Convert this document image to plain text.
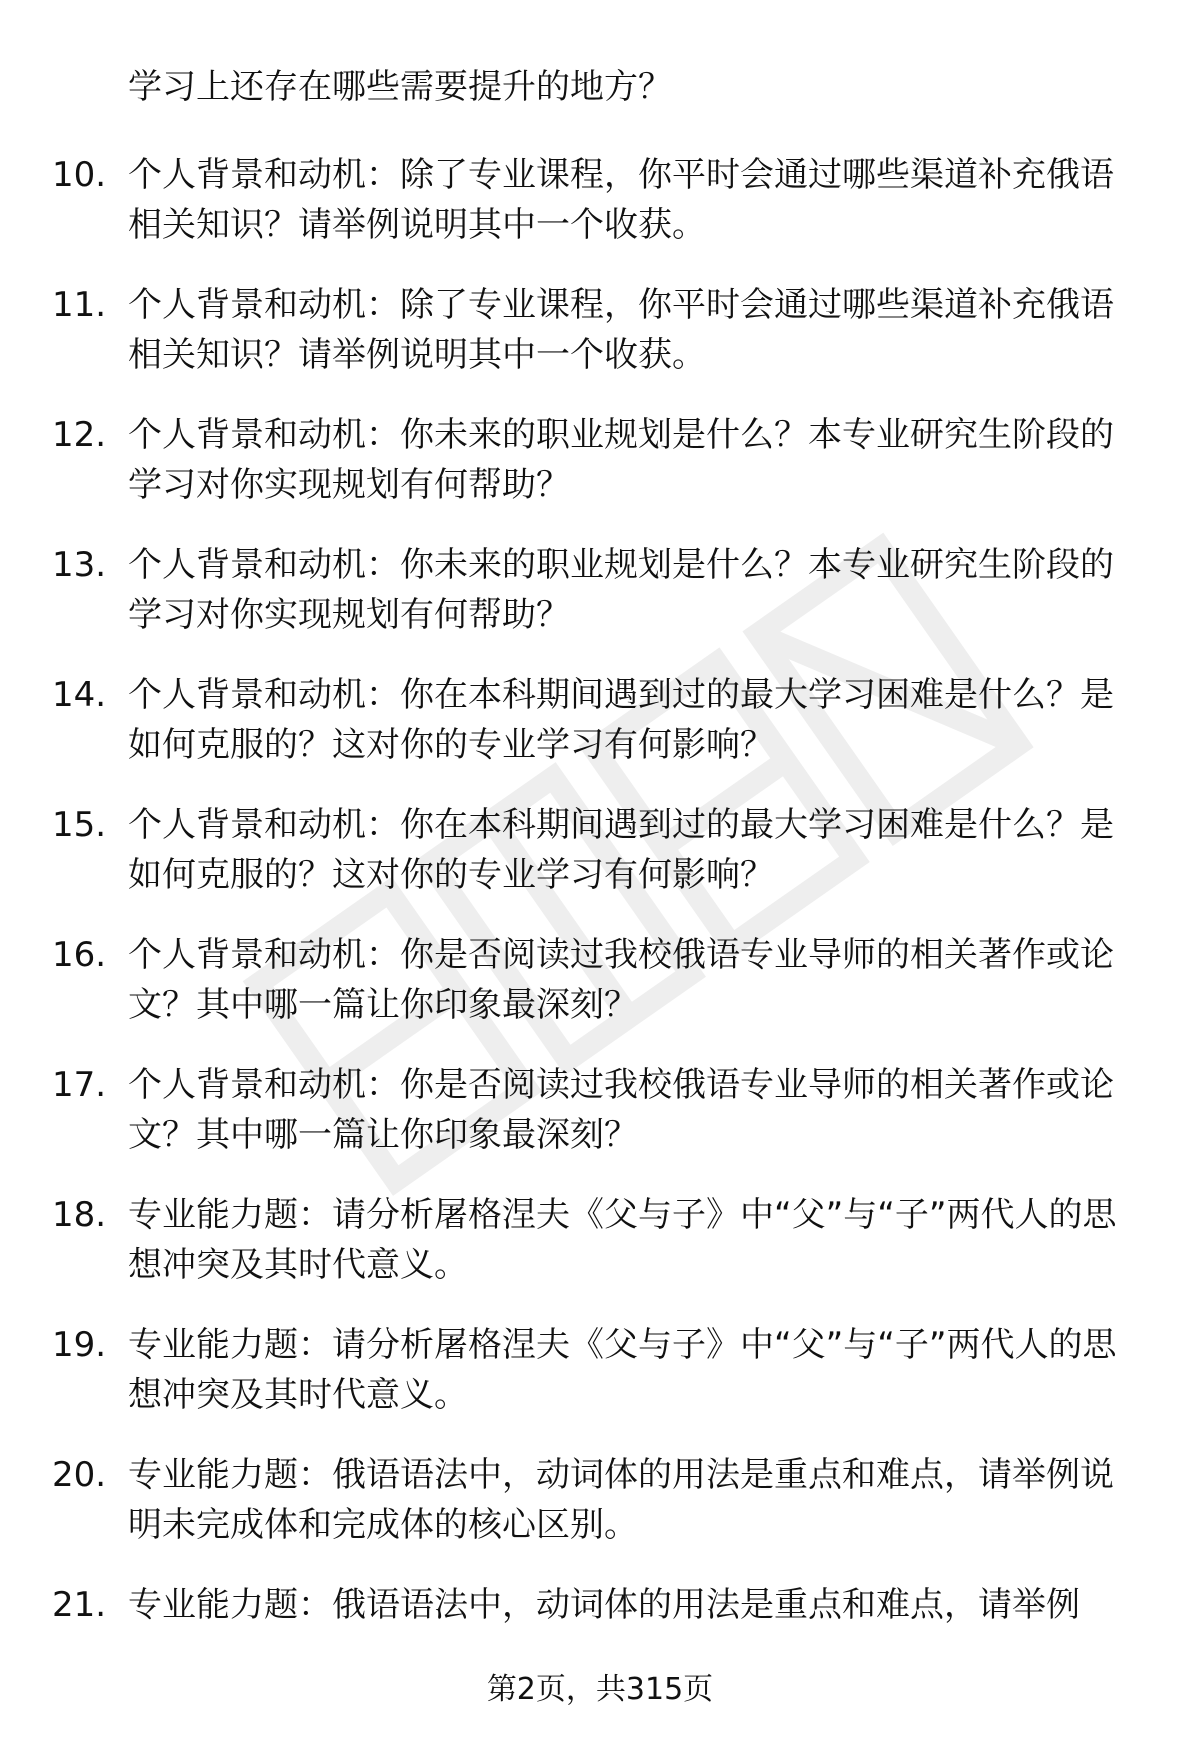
学习上还存在哪些需要提升的地方？

10. 个人背景和动机：除了专业课程，你平时会通过哪些渠道补充俄语相关知识？请举例说明其中一个收获。

11. 个人背景和动机：除了专业课程，你平时会通过哪些渠道补充俄语相关知识？请举例说明其中一个收获。

12. 个人背景和动机：你未来的职业规划是什么？本专业研究生阶段的学习对你实现规划有何帮助？

13. 个人背景和动机：你未来的职业规划是什么？本专业研究生阶段的学习对你实现规划有何帮助？

14. 个人背景和动机：你在本科期间遇到过的最大学习困难是什么？是如何克服的？这对你的专业学习有何影响？

15. 个人背景和动机：你在本科期间遇到过的最大学习困难是什么？是如何克服的？这对你的专业学习有何影响？

16. 个人背景和动机：你是否阅读过我校俄语专业导师的相关著作或论文？其中哪一篇让你印象最深刻？

17. 个人背景和动机：你是否阅读过我校俄语专业导师的相关著作或论文？其中哪一篇让你印象最深刻？

18. 专业能力题：请分析屠格涅夫《父与子》中“父”与“子”两代人的思想冲突及其时代意义。

19. 专业能力题：请分析屠格涅夫《父与子》中“父”与“子”两代人的思想冲突及其时代意义。

20. 专业能力题：俄语语法中，动词体的用法是重点和难点，请举例说明未完成体和完成体的核心区别。

21. 专业能力题：俄语语法中，动词体的用法是重点和难点，请举例

第2页，共315页
